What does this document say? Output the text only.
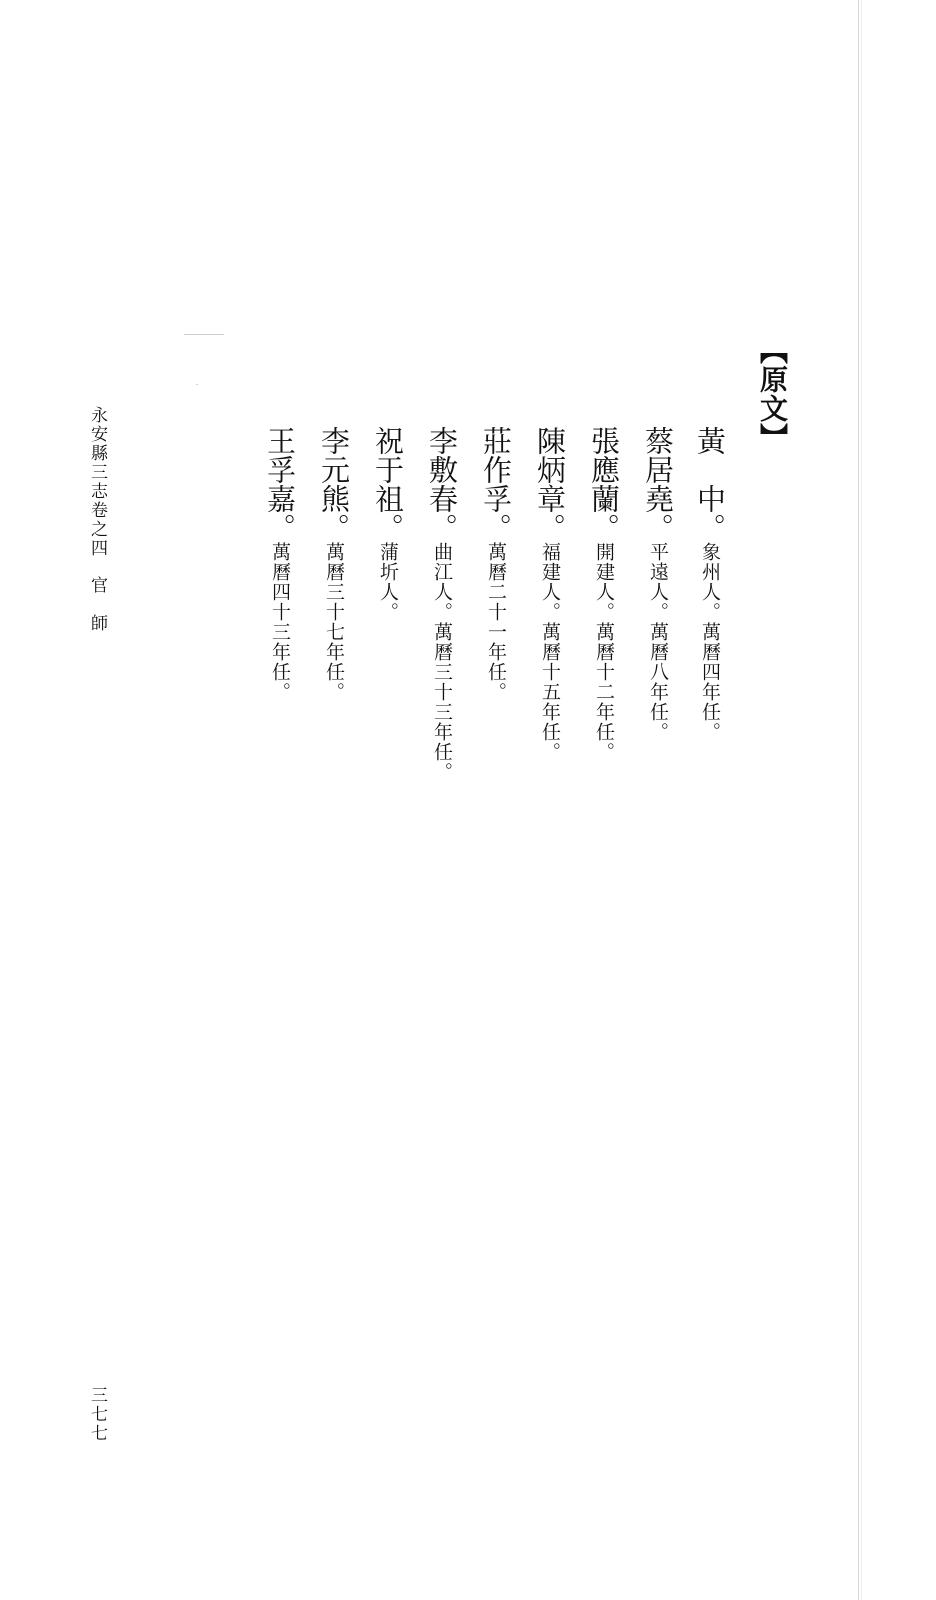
【原文】
黃　中。象州人。萬曆四年任。
蔡居堯。平遠人。萬曆八年任。
張應蘭。開建人。萬曆十二年任。
陳炳章。福建人。萬曆十五年任。
莊作孚。萬曆二十一年任。
李敷春。曲江人。萬曆三十三年任。
祝于祖。蒲圻人。
李元熊。萬曆三十七年任。
王孚嘉。萬曆四十三年任。
永安縣三志卷之四官　師
三七七
